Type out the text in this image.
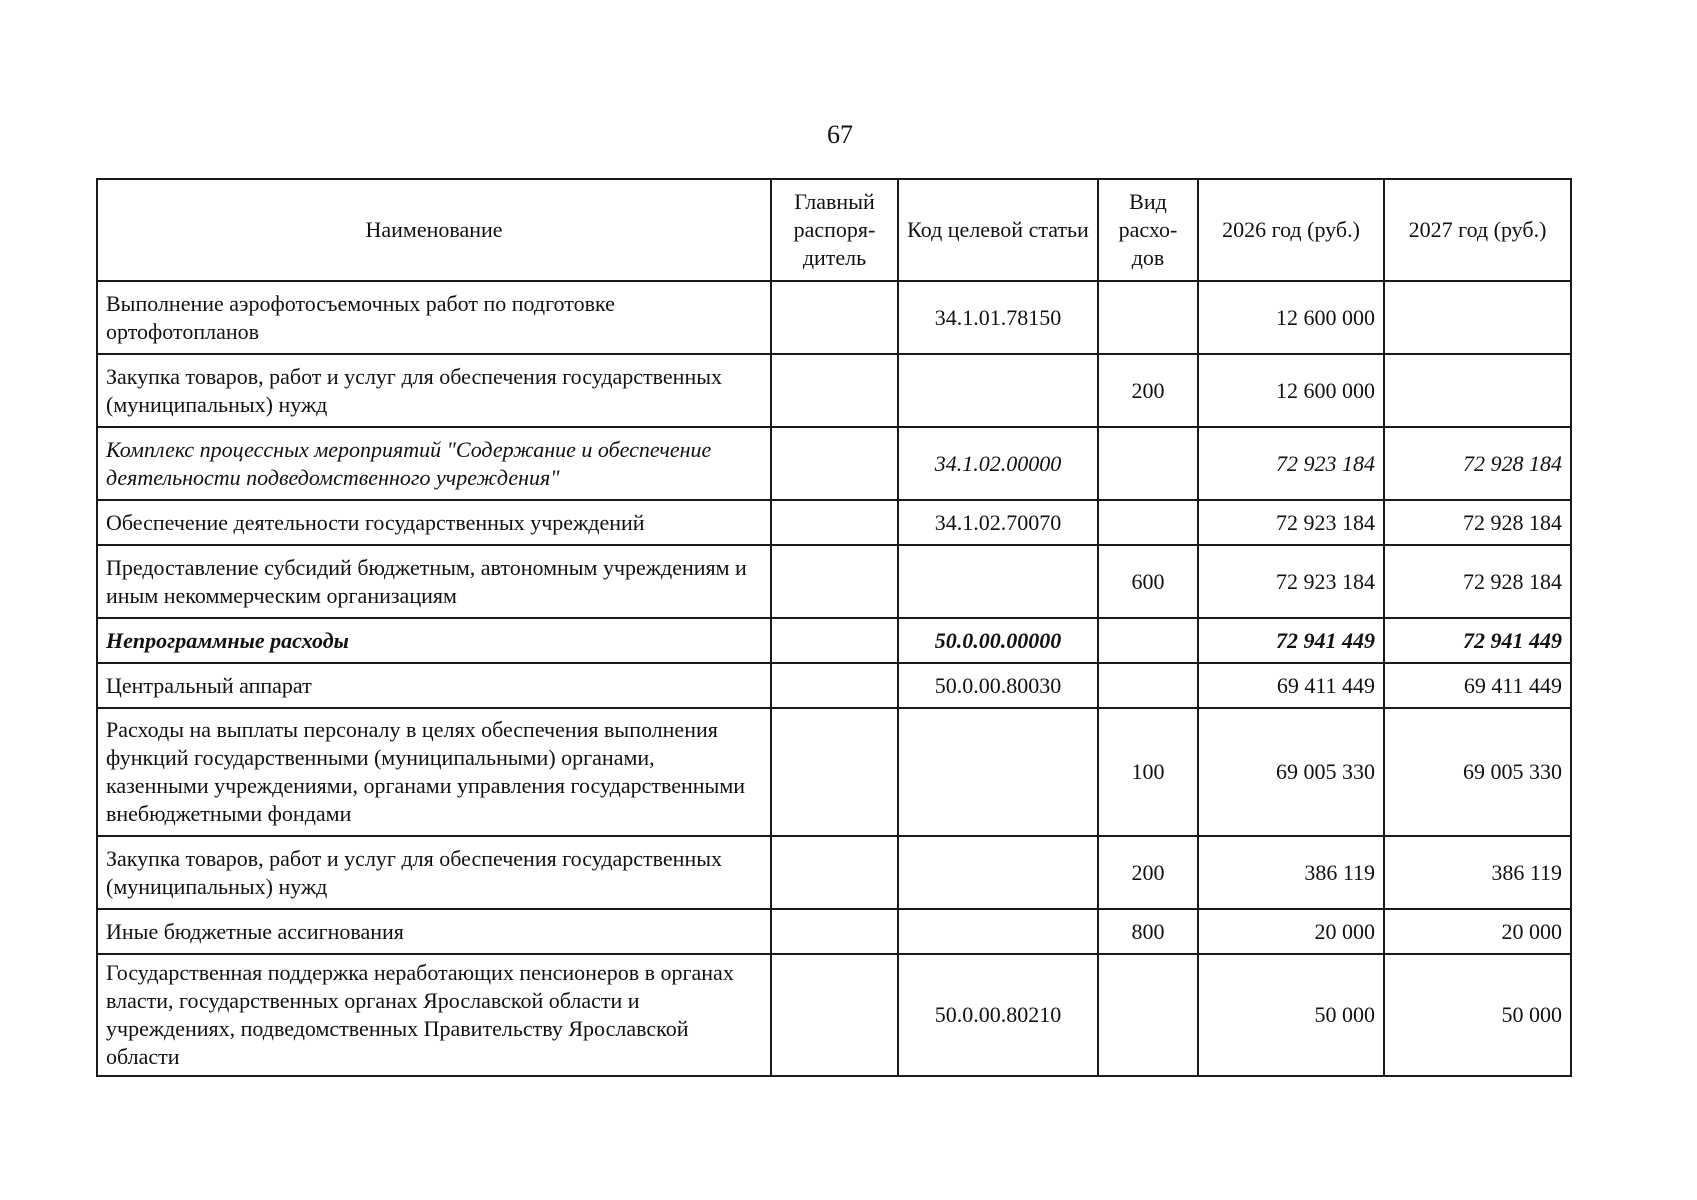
67
Наименование	Главный распоря-дитель	Код целевой статьи	Вид расхо-дов	2026 год (руб.)	2027 год (руб.)
Выполнение аэрофотосъемочных работ по подготовке ортофотопланов		34.1.01.78150		12 600 000	
Закупка товаров, работ и услуг для обеспечения государственных (муниципальных) нужд			200	12 600 000	
Комплекс процессных мероприятий "Содержание и обеспечение деятельности подведомственного учреждения"		34.1.02.00000		72 923 184	72 928 184
Обеспечение деятельности государственных учреждений		34.1.02.70070		72 923 184	72 928 184
Предоставление субсидий бюджетным, автономным учреждениям и иным некоммерческим организациям			600	72 923 184	72 928 184
Непрограммные расходы		50.0.00.00000		72 941 449	72 941 449
Центральный аппарат		50.0.00.80030		69 411 449	69 411 449
Расходы на выплаты персоналу в целях обеспечения выполнения функций государственными (муниципальными) органами, казенными учреждениями, органами управления государственными внебюджетными фондами			100	69 005 330	69 005 330
Закупка товаров, работ и услуг для обеспечения государственных (муниципальных) нужд			200	386 119	386 119
Иные бюджетные ассигнования			800	20 000	20 000
Государственная поддержка неработающих пенсионеров в органах власти, государственных органах Ярославской области и учреждениях, подведомственных Правительству Ярославской области		50.0.00.80210		50 000	50 000
